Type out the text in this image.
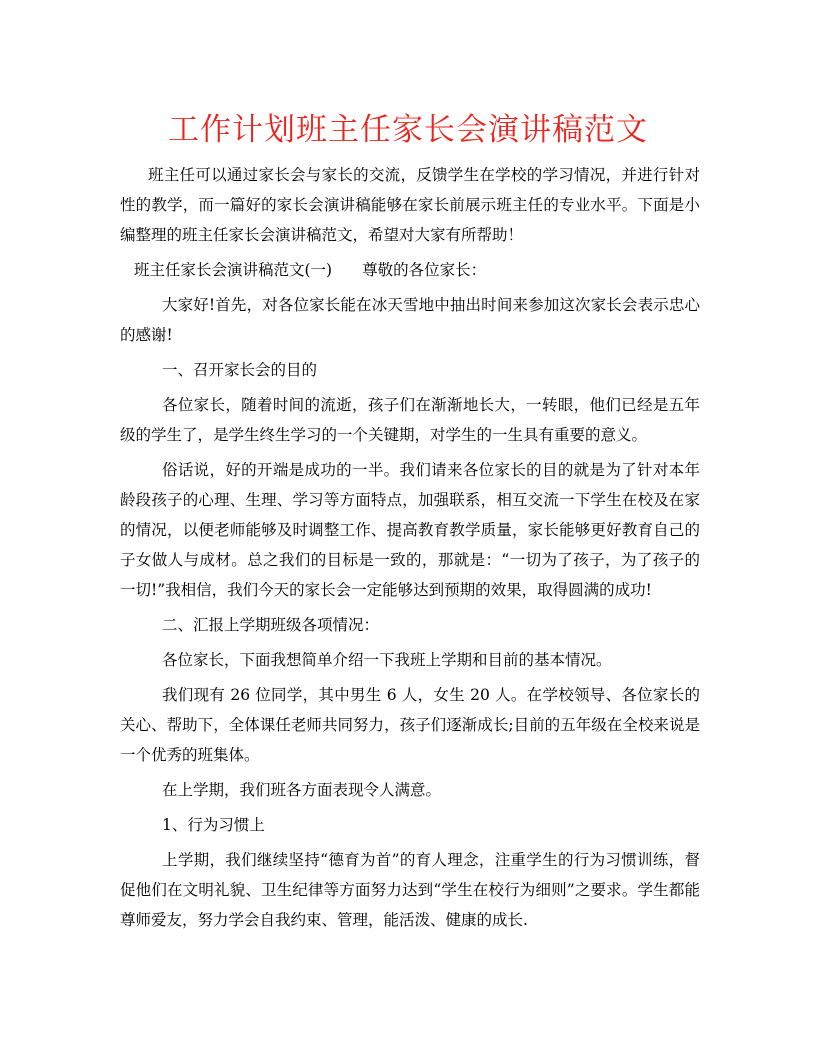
工作计划班主任家长会演讲稿范文

班主任可以通过家长会与家长的交流，反馈学生在学校的学习情况，并进行针对性的教学，而一篇好的家长会演讲稿能够在家长前展示班主任的专业水平。下面是小编整理的班主任家长会演讲稿范文，希望对大家有所帮助！

班主任家长会演讲稿范文(一) 尊敬的各位家长：

大家好!首先，对各位家长能在冰天雪地中抽出时间来参加这次家长会表示忠心的感谢!

一、召开家长会的目的

各位家长，随着时间的流逝，孩子们在渐渐地长大，一转眼，他们已经是五年级的学生了，是学生终生学习的一个关键期，对学生的一生具有重要的意义。

俗话说，好的开端是成功的一半。我们请来各位家长的目的就是为了针对本年龄段孩子的心理、生理、学习等方面特点，加强联系，相互交流一下学生在校及在家的情况，以便老师能够及时调整工作、提高教育教学质量，家长能够更好教育自己的子女做人与成材。总之我们的目标是一致的，那就是：“一切为了孩子，为了孩子的一切!”我相信，我们今天的家长会一定能够达到预期的效果，取得圆满的成功!

二、汇报上学期班级各项情况：

各位家长，下面我想简单介绍一下我班上学期和目前的基本情况。

我们现有 26 位同学，其中男生 6 人，女生 20 人。在学校领导、各位家长的关心、帮助下，全体课任老师共同努力，孩子们逐渐成长;目前的五年级在全校来说是一个优秀的班集体。

在上学期，我们班各方面表现令人满意。

1、行为习惯上

上学期，我们继续坚持“德育为首”的育人理念，注重学生的行为习惯训练，督促他们在文明礼貌、卫生纪律等方面努力达到“学生在校行为细则”之要求。学生都能尊师爱友，努力学会自我约束、管理，能活泼、健康的成长.
